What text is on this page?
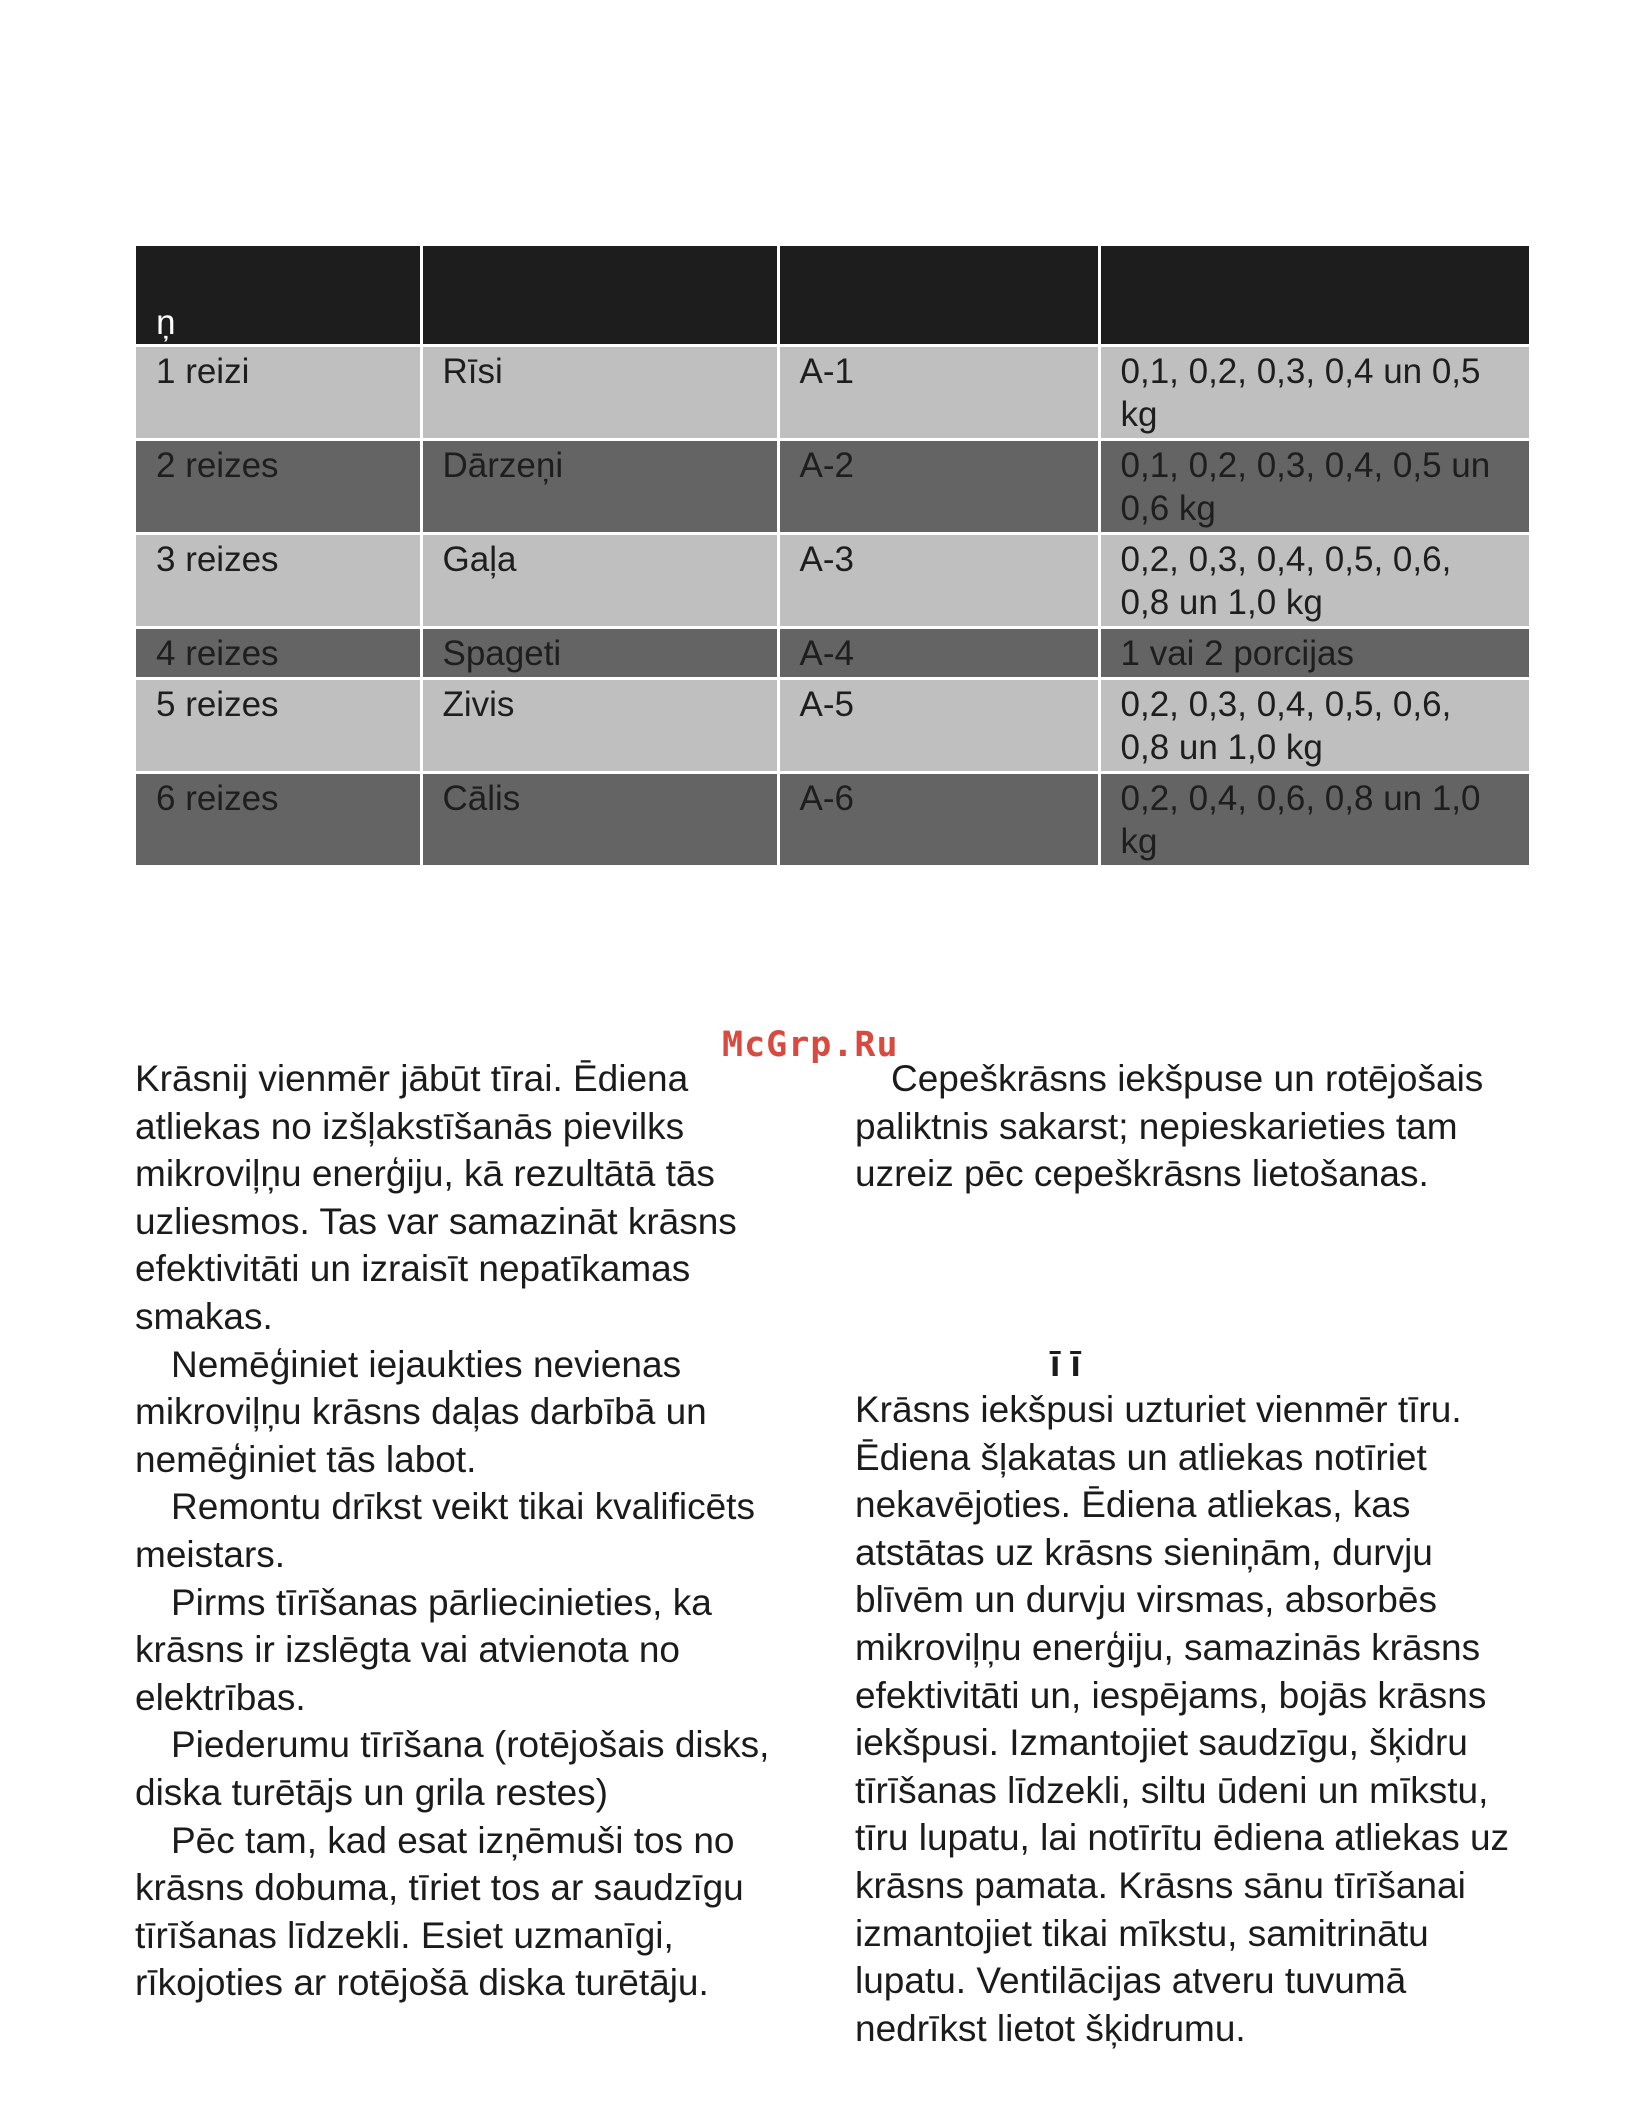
ņ			
1 reizi	Rīsi	A-1	0,1, 0,2, 0,3, 0,4 un 0,5 kg
2 reizes	Dārzeņi	A-2	0,1, 0,2, 0,3, 0,4, 0,5 un 0,6 kg
3 reizes	Gaļa	A-3	0,2, 0,3, 0,4, 0,5, 0,6, 0,8 un 1,0 kg
4 reizes	Spageti	A-4	1 vai 2 porcijas
5 reizes	Zivis	A-5	0,2, 0,3, 0,4, 0,5, 0,6, 0,8 un 1,0 kg
6 reizes	Cālis	A-6	0,2, 0,4, 0,6, 0,8 un 1,0 kg
McGrp.Ru

Krāsnij vienmēr jābūt tīrai. Ēdiena atliekas no izšļakstīšanās pievilks mikroviļņu enerģiju, kā rezultātā tās uzliesmos. Tas var samazināt krāsns efektivitāti un izraisīt nepatīkamas smakas.

Nemēģiniet iejaukties nevienas mikroviļņu krāsns daļas darbībā un nemēģiniet tās labot.

Remontu drīkst veikt tikai kvalificēts meistars.

Pirms tīrīšanas pārliecinieties, ka krāsns ir izslēgta vai atvienota no elektrības.

Piederumu tīrīšana (rotējošais disks, diska turētājs un grila restes)

Pēc tam, kad esat izņēmuši tos no krāsns dobuma, tīriet tos ar saudzīgu tīrīšanas līdzekli. Esiet uzmanīgi, rīkojoties ar rotējošā diska turētāju.

Cepeškrāsns iekšpuse un rotējošais paliktnis sakarst; nepieskarieties tam uzreiz pēc cepeškrāsns lietošanas.

ī ī

Krāsns iekšpusi uzturiet vienmēr tīru. Ēdiena šļakatas un atliekas notīriet nekavējoties. Ēdiena atliekas, kas atstātas uz krāsns sieniņām, durvju blīvēm un durvju virsmas, absorbēs mikroviļņu enerģiju, samazinās krāsns efektivitāti un, iespējams, bojās krāsns iekšpusi. Izmantojiet saudzīgu, šķidru tīrīšanas līdzekli, siltu ūdeni un mīkstu, tīru lupatu, lai notīrītu ēdiena atliekas uz krāsns pamata. Krāsns sānu tīrīšanai izmantojiet tikai mīkstu, samitrinātu lupatu. Ventilācijas atveru tuvumā nedrīkst lietot šķidrumu.
